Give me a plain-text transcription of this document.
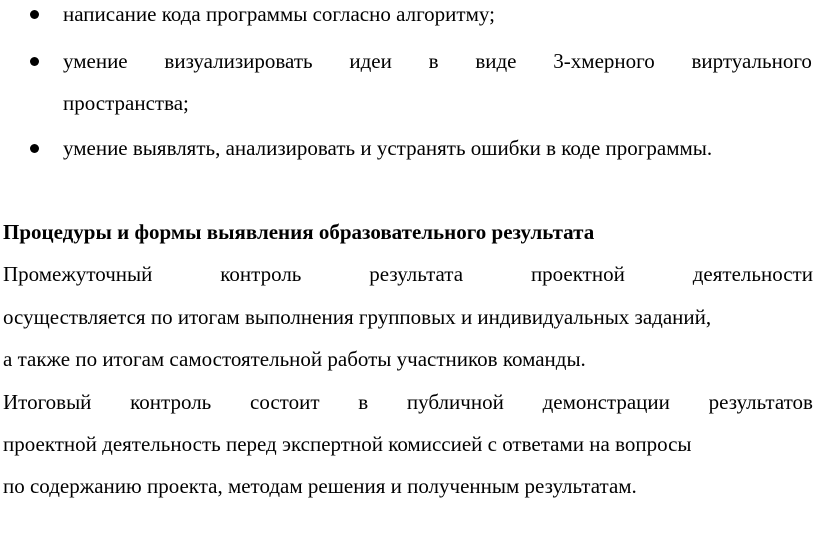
написание кода программы согласно алгоритму;
умение визуализировать идеи в виде 3-хмерного виртуального
пространства;
умение выявлять, анализировать и устранять ошибки в коде программы.
Процедуры и формы выявления образовательного результата
Промежуточный	контроль	результата	проектной	деятельности
осуществляется по итогам выполнения групповых и индивидуальных заданий,
а также по итогам самостоятельной работы участников команды.
Итоговый контроль состоит в публичной демонстрации результатов
проектной деятельность перед экспертной комиссией с ответами на вопросы
по содержанию проекта, методам решения и полученным результатам.
